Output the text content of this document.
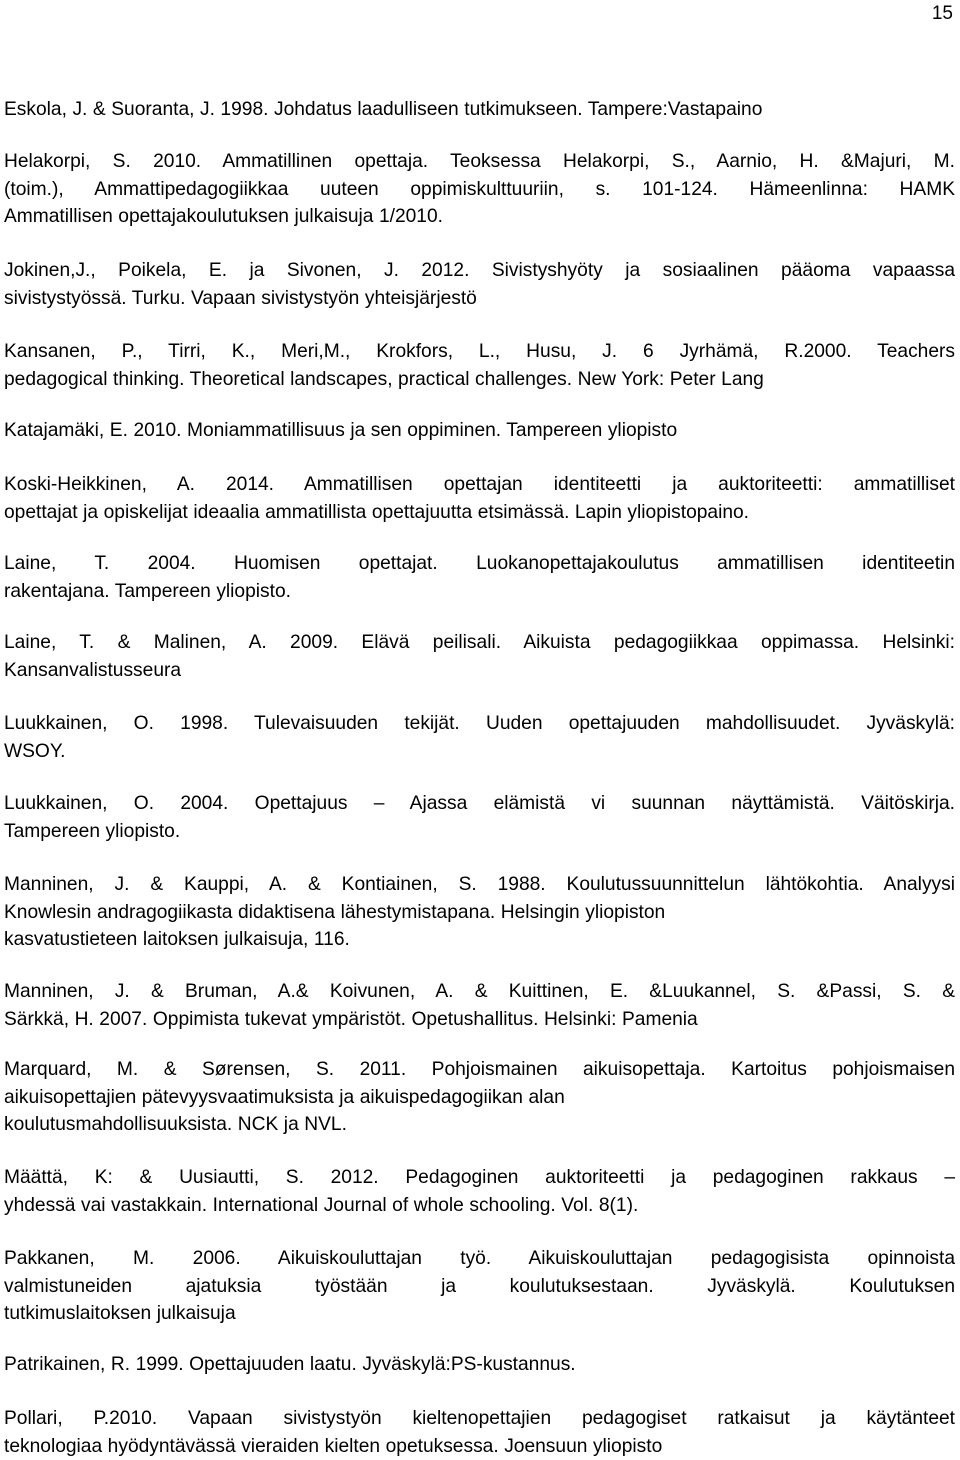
15
Eskola, J. & Suoranta, J. 1998. Johdatus laadulliseen tutkimukseen. Tampere:Vastapaino
Helakorpi, S. 2010. Ammatillinen opettaja. Teoksessa Helakorpi, S., Aarnio, H. &Majuri, M.
(toim.), Ammattipedagogiikkaa uuteen oppimiskulttuuriin, s. 101-124. Hämeenlinna: HAMK
Ammatillisen opettajakoulutuksen julkaisuja 1/2010.
Jokinen,J., Poikela, E. ja Sivonen, J. 2012. Sivistyshyöty ja sosiaalinen pääoma vapaassa
sivistystyössä. Turku. Vapaan sivistystyön yhteisjärjestö
Kansanen, P., Tirri, K., Meri,M., Krokfors, L., Husu, J. 6 Jyrhämä, R.2000. Teachers
pedagogical thinking. Theoretical landscapes, practical challenges. New York: Peter Lang
Katajamäki, E. 2010. Moniammatillisuus ja sen oppiminen. Tampereen yliopisto
Koski-Heikkinen, A. 2014. Ammatillisen opettajan identiteetti ja auktoriteetti: ammatilliset
opettajat ja opiskelijat ideaalia ammatillista opettajuutta etsimässä. Lapin yliopistopaino.
Laine, T. 2004. Huomisen opettajat. Luokanopettajakoulutus ammatillisen identiteetin
rakentajana. Tampereen yliopisto.
Laine, T. & Malinen, A. 2009. Elävä peilisali. Aikuista pedagogiikkaa oppimassa. Helsinki:
Kansanvalistusseura
Luukkainen, O. 1998. Tulevaisuuden tekijät. Uuden opettajuuden mahdollisuudet. Jyväskylä:
WSOY.
Luukkainen, O. 2004. Opettajuus – Ajassa elämistä vi suunnan näyttämistä. Väitöskirja.
Tampereen yliopisto.
Manninen, J. & Kauppi, A. & Kontiainen, S. 1988. Koulutussuunnittelun lähtökohtia. Analyysi
Knowlesin andragogiikasta didaktisena lähestymistapana. Helsingin yliopiston
kasvatustieteen laitoksen julkaisuja, 116.
Manninen, J. & Bruman, A.& Koivunen, A. & Kuittinen, E. &Luukannel, S. &Passi, S. &
Särkkä, H. 2007. Oppimista tukevat ympäristöt. Opetushallitus. Helsinki: Pamenia
Marquard, M. & Sørensen, S. 2011. Pohjoismainen aikuisopettaja. Kartoitus pohjoismaisen
aikuisopettajien pätevyysvaatimuksista ja aikuispedagogiikan alan
koulutusmahdollisuuksista. NCK ja NVL.
Määttä, K: & Uusiautti, S. 2012. Pedagoginen auktoriteetti ja pedagoginen rakkaus –
yhdessä vai vastakkain. International Journal of whole schooling. Vol. 8(1).
Pakkanen, M. 2006. Aikuiskouluttajan työ. Aikuiskouluttajan pedagogisista opinnoista
valmistuneiden ajatuksia työstään ja koulutuksestaan. Jyväskylä. Koulutuksen
tutkimuslaitoksen julkaisuja
Patrikainen, R. 1999. Opettajuuden laatu. Jyväskylä:PS-kustannus.
Pollari, P.2010. Vapaan sivistystyön kieltenopettajien pedagogiset ratkaisut ja käytänteet
teknologiaa hyödyntävässä vieraiden kielten opetuksessa. Joensuun yliopisto
